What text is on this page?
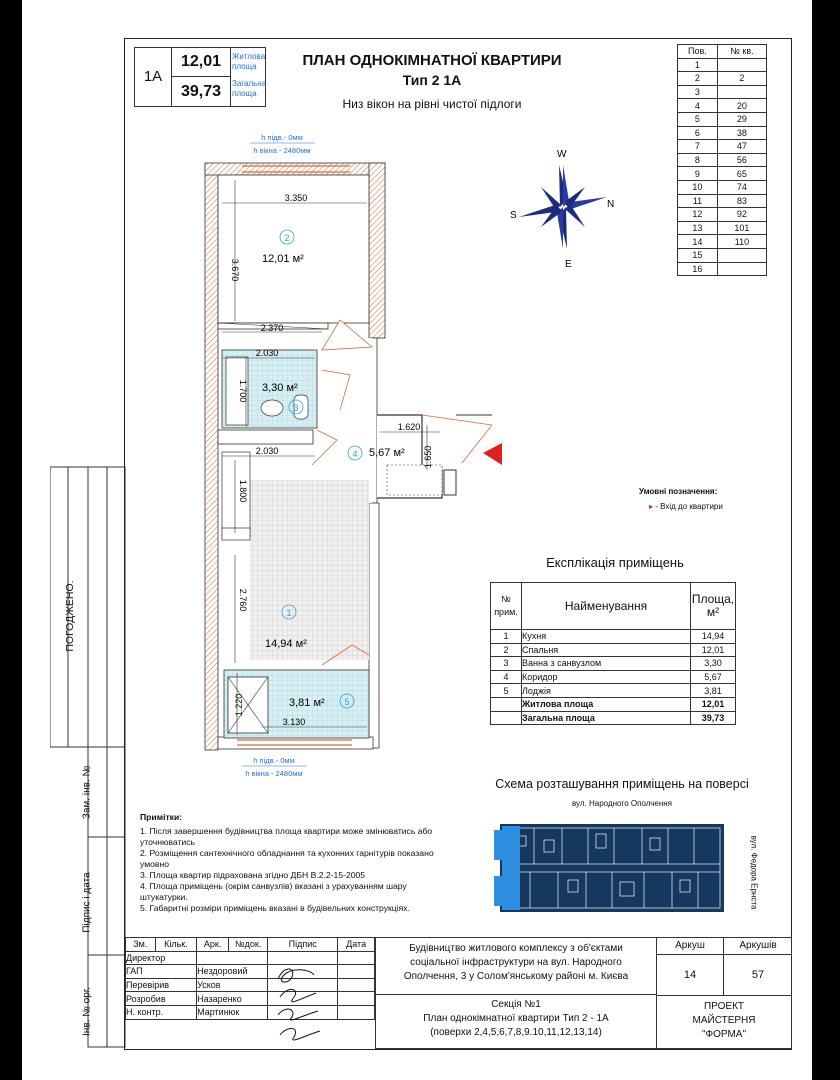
ПОГОДЖЕНО:
Зам. інв. №
Підпис і дата
Інв. № орг.
1А
12,01
39,73
Житлова площа
Загальна площа
ПЛАН ОДНОКІМНАТНОЇ КВАРТИРИ
Тип 2 1А
Низ вікон на рівні чистої підлоги
Пов.	№ кв.
1	
2	2
3	
4	20
5	29
6	38
7	47
8	56
9	65
10	74
11	83
12	92
13	101
14	110
15	
16	
W
S
N
E
h підв.- 0мм
h вікна - 2480мм
3.350
3.670
2.370
2.030
1.700
2.030
1.800
2.760
1.620
1.650
1.220
3.130
2
12,01 м²
3,30 м²
3
4 5,67 м²
1
14,94 м²
3,81 м² 5
h підв.- 0мм
h вікна - 2480мм
Умовні позначення:
▸ - Вхід до квартири
Експлікація приміщень
№ прим.	Найменування	Площа, м²
1	Кухня	14,94
2	Спальня	12,01
3	Ванна з санвузлом	3,30
4	Коридор	5,67
5	Лоджія	3,81
	Житлова площа	12,01
	Загальна площа	39,73
Схема розташування приміщень на поверсі
вул. Народного Ополчення
вул. Федора Ернста
Примітки:
1. Після завершення будівництва площа квартири може змінюватись або
уточнюватись
2. Розміщення сантехнічного обладнання та кухонних гарнітурів показано
умовно
3. Площа квартир підрахована згідно ДБН В.2.2-15-2005
4. Площа приміщень (окрім санвузлів) вказані з урахуванням шару
штукатурки.
5. Габаритні розміри приміщень вказані в будівельних конструкціях.
Зм.	Кільк.	Арк.	№док.	Підпис	Дата
Директор					
ГАП		Нездоровий			
Перевірив		Усков			
Розробив		Назаренко			
Н. контр.		Мартинюк			
Будівництво житлового комплексу з об'єктами соціальної інфраструктури на вул. Народного Ополчення, 3 у Солом'янському районі м. Києва
Секція №1
План однокімнатної квартири Тип 2 - 1А
(поверхи 2,4,5,6,7,8,9.10,11,12,13,14)
Аркуш	Аркушів
14	57
ПРОЕКТ
МАЙСТЕРНЯ
"ФОРМА"
